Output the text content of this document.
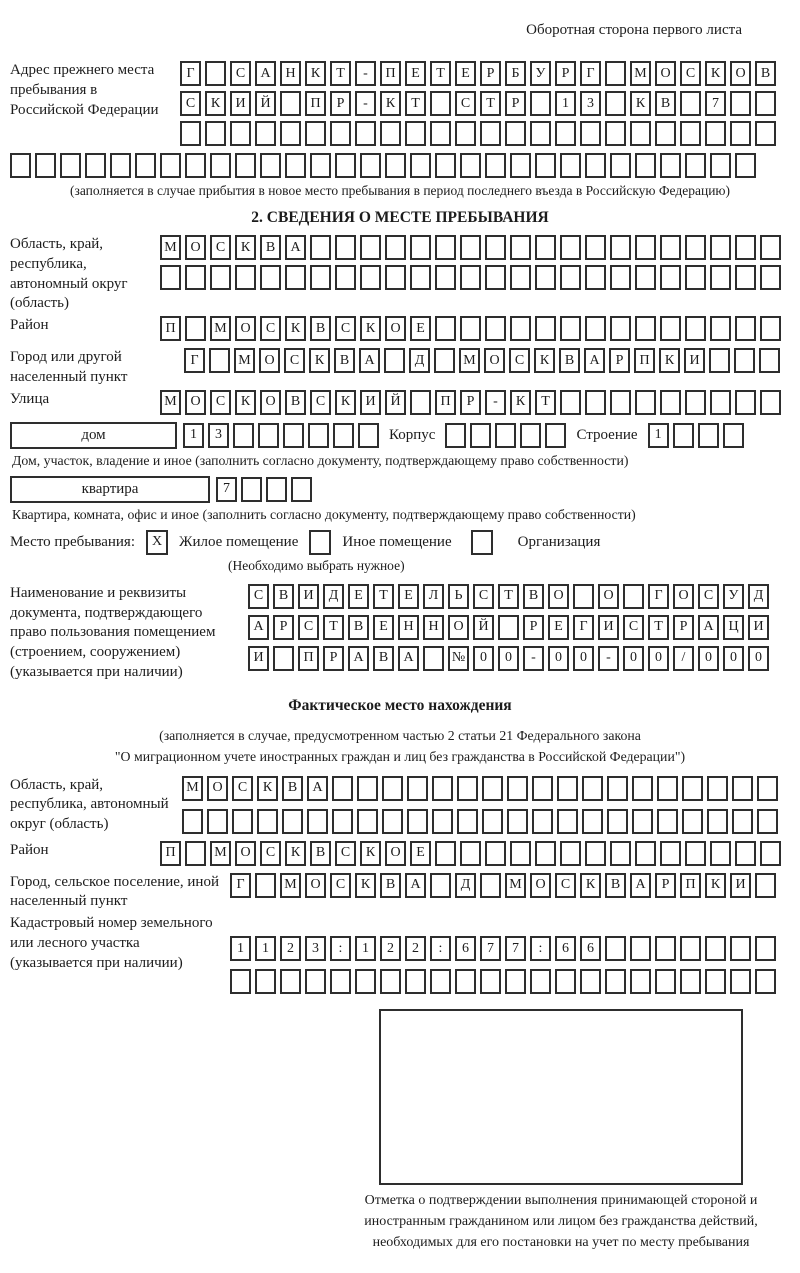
Оборотная сторона первого листа
Адрес прежнего места пребывания в Российской Федерации
Г	С	А	Н	К	Т	-	П	Е	Т	Е	Р	Б	У	Р	Г	М О	С	К	О	В
С	К	И	Й	П	Р	-	К	Т	С	Т	Р	1	3	К	В	7
(заполняется в случае прибытия в новое место пребывания в период последнего въезда в Российскую Федерацию)
2. СВЕДЕНИЯ О МЕСТЕ ПРЕБЫВАНИЯ
Область, край, республика, автономный округ (область)
М О	С	К	В	А
Район	П	М О	С	К	В	С	К	О	Е
Город или другой населенный пункт
Г	М О	С	К	В	А	Д	М О	С	К	В	А	Р	П	К	И
Улица	М О	С	К	О	В	С	К	И	Й	П	Р	-	К	Т
дом	1	3	Корпус	Строение	1
Дом, участок, владение и иное (заполнить согласно документу, подтверждающему право собственности)
квартира	7
Квартира, комната, офис и иное (заполнить согласно документу, подтверждающему право собственности)
Место пребывания:	X	Жилое помещение	Иное помещение	Организация
(Необходимо выбрать нужное)
Наименование и реквизиты документа, подтверждающего право пользования помещением (строением, сооружением) (указывается при наличии)
С	В	И	Д	Е	Т	Е	Л	Ь	С	Т	В	О	О	Г	О	С	У	Д
А	Р	С	Т	В	Е	Н	Н	О	Й	Р	Е	Г	И	С	Т	Р	А	Ц	И
И	П	Р	А	В	А	№	0	0	-	0	0	-	0	0	/	0	0	0
Фактическое место нахождения
(заполняется в случае, предусмотренном частью 2 статьи 21 Федерального закона
"О миграционном учете иностранных граждан и лиц без гражданства в Российской Федерации")
Область, край, республика, автономный округ (область)
М О	С	К	В	А
Район	П	М О	С	К	В	С	К	О	Е
Город, сельское поселение, иной населенный пункт
Г	М О	С	К	В	А	Д	М О	С	К	В	А	Р	П	К	И
Кадастровый номер земельного или лесного участка (указывается при наличии)
1	1	2	3	:	1	2	2	:	6	7	7	:	6	6
Отметка о подтверждении выполнения принимающей стороной и иностранным гражданином или лицом без гражданства действий, необходимых для его постановки на учет по месту пребывания
